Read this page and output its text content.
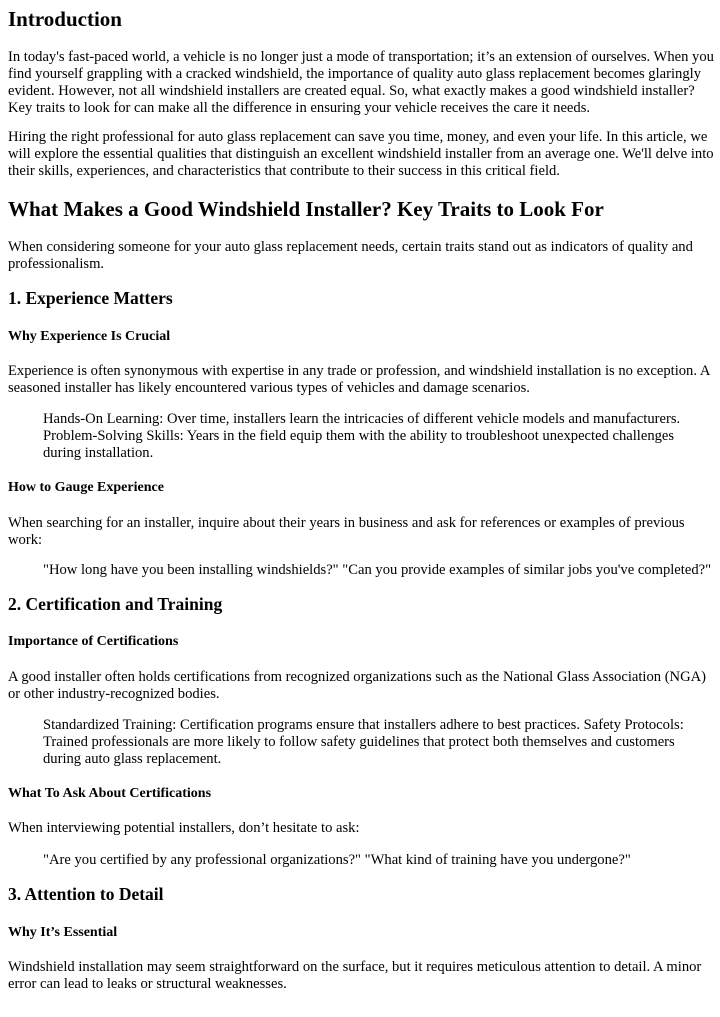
Introduction

In today's fast-paced world, a vehicle is no longer just a mode of transportation; it’s an extension of ourselves. When you find yourself grappling with a cracked windshield, the importance of quality auto glass replacement becomes glaringly evident. However, not all windshield installers are created equal. So, what exactly makes a good windshield installer? Key traits to look for can make all the difference in ensuring your vehicle receives the care it needs.

Hiring the right professional for auto glass replacement can save you time, money, and even your life. In this article, we will explore the essential qualities that distinguish an excellent windshield installer from an average one. We'll delve into their skills, experiences, and characteristics that contribute to their success in this critical field.

What Makes a Good Windshield Installer? Key Traits to Look For

When considering someone for your auto glass replacement needs, certain traits stand out as indicators of quality and professionalism.

1. Experience Matters
Why Experience Is Crucial

Experience is often synonymous with expertise in any trade or profession, and windshield installation is no exception. A seasoned installer has likely encountered various types of vehicles and damage scenarios.

Hands-On Learning: Over time, installers learn the intricacies of different vehicle models and manufacturers. Problem-Solving Skills: Years in the field equip them with the ability to troubleshoot unexpected challenges during installation.

How to Gauge Experience

When searching for an installer, inquire about their years in business and ask for references or examples of previous work:

"How long have you been installing windshields?" "Can you provide examples of similar jobs you've completed?"

2. Certification and Training
Importance of Certifications

A good installer often holds certifications from recognized organizations such as the National Glass Association (NGA) or other industry-recognized bodies.

Standardized Training: Certification programs ensure that installers adhere to best practices. Safety Protocols: Trained professionals are more likely to follow safety guidelines that protect both themselves and customers during auto glass replacement.

What To Ask About Certifications

When interviewing potential installers, don’t hesitate to ask:

"Are you certified by any professional organizations?" "What kind of training have you undergone?"

3. Attention to Detail
Why It’s Essential

Windshield installation may seem straightforward on the surface, but it requires meticulous attention to detail. A minor error can lead to leaks or structural weaknesses.
